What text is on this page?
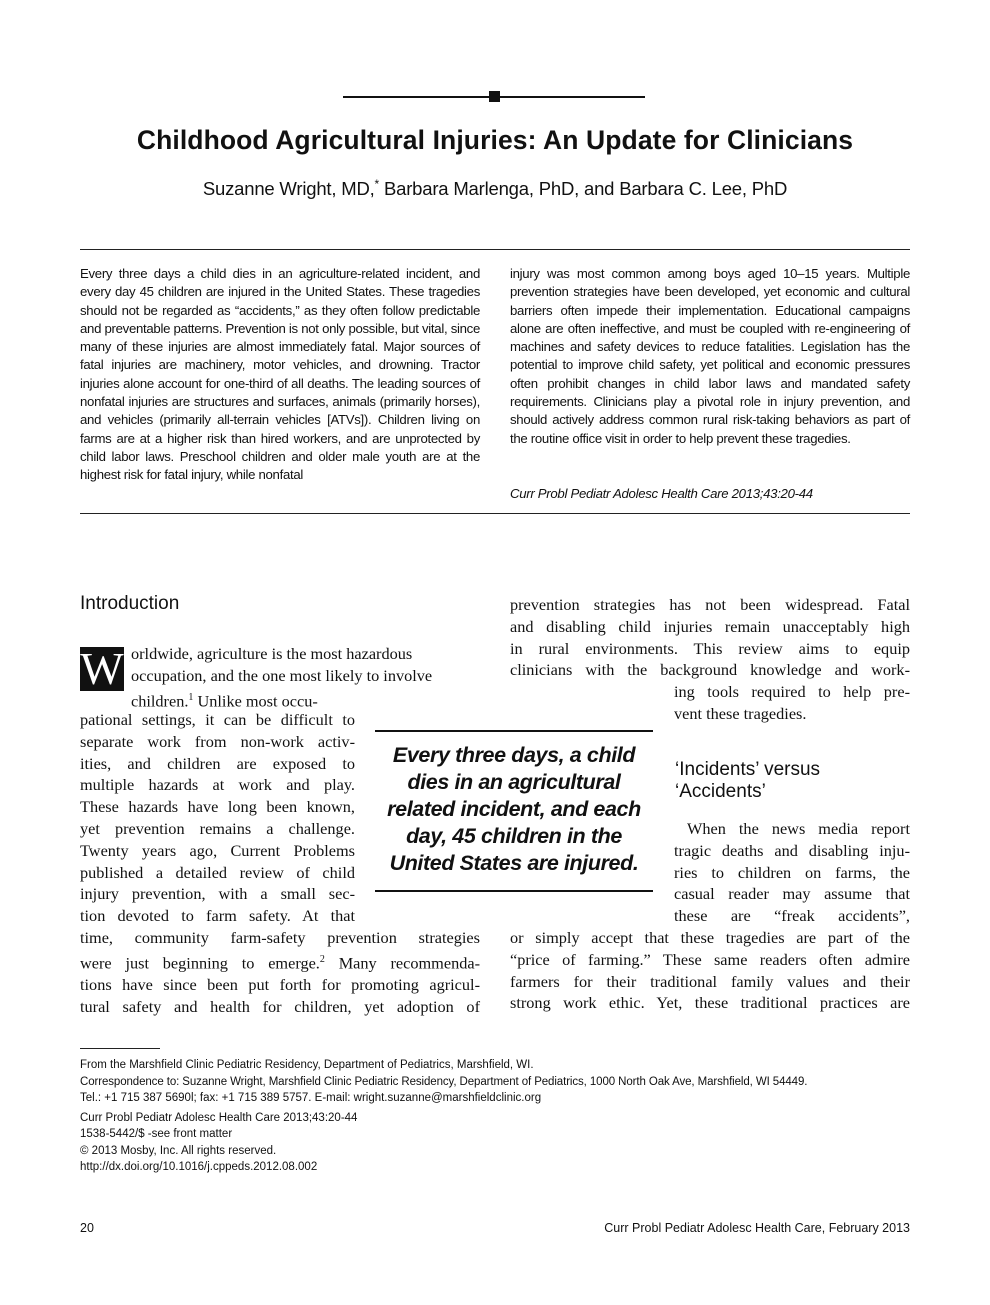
Childhood Agricultural Injuries: An Update for Clinicians
Suzanne Wright, MD,* Barbara Marlenga, PhD, and Barbara C. Lee, PhD
Every three days a child dies in an agriculture-related incident, and every day 45 children are injured in the United States. These tragedies should not be regarded as “accidents,” as they often follow predictable and preventable patterns. Prevention is not only possible, but vital, since many of these injuries are almost immediately fatal. Major sources of fatal injuries are machinery, motor vehicles, and drowning. Tractor injuries alone account for one-third of all deaths. The leading sources of nonfatal injuries are structures and surfaces, animals (primarily horses), and vehicles (primarily all-terrain vehicles [ATVs]). Children living on farms are at a higher risk than hired workers, and are unprotected by child labor laws. Preschool children and older male youth are at the highest risk for fatal injury, while nonfatal
injury was most common among boys aged 10–15 years. Multiple prevention strategies have been developed, yet economic and cultural barriers often impede their implementation. Educational campaigns alone are often ineffective, and must be coupled with re-engineering of machines and safety devices to reduce fatalities. Legislation has the potential to improve child safety, yet political and economic pressures often prohibit changes in child labor laws and mandated safety requirements. Clinicians play a pivotal role in injury prevention, and should actively address common rural risk-taking behaviors as part of the routine office visit in order to help prevent these tragedies.
Curr Probl Pediatr Adolesc Health Care 2013;43:20-44
Introduction
W orldwide, agriculture is the most hazardous
occupation, and the one most likely to involve
children.$^1$ Unlike most occu-
pational settings, it can be difficult to
separate work from non-work activ-
ities, and children are exposed to
multiple hazards at work and play.
These hazards have long been known,
yet prevention remains a challenge.
Twenty years ago, Current Problems
published a detailed review of child
injury prevention, with a small sec-
tion devoted to farm safety. At that
time, community farm-safety prevention strategies
were just beginning to emerge.$^2$ Many recommenda-
tions have since been put forth for promoting agricul-
tural safety and health for children, yet adoption of
prevention strategies has not been widespread. Fatal
and disabling child injuries remain unacceptably high
in rural environments. This review aims to equip
clinicians with the background knowledge and work-
ing tools required to help pre-
vent these tragedies.
Every three days, a child dies in an agricultural related incident, and each day, 45 children in the United States are injured.
‘Incidents’ versus
‘Accidents’
When the news media report
tragic deaths and disabling inju-
ries to children on farms, the
casual reader may assume that
these are “freak accidents”,
or simply accept that these tragedies are part of the
“price of farming.” These same readers often admire
farmers for their traditional family values and their
strong work ethic. Yet, these traditional practices are
From the Marshfield Clinic Pediatric Residency, Department of Pediatrics, Marshfield, WI.
Correspondence to: Suzanne Wright, Marshfield Clinic Pediatric Residency, Department of Pediatrics, 1000 North Oak Ave, Marshfield, WI 54449.
Tel.: +1 715 387 5690l; fax: +1 715 389 5757. E-mail: wright.suzanne@marshfieldclinic.org
Curr Probl Pediatr Adolesc Health Care 2013;43:20-44
1538-5442/$ -see front matter
© 2013 Mosby, Inc. All rights reserved.
http://dx.doi.org/10.1016/j.cppeds.2012.08.002
20	Curr Probl Pediatr Adolesc Health Care, February 2013
